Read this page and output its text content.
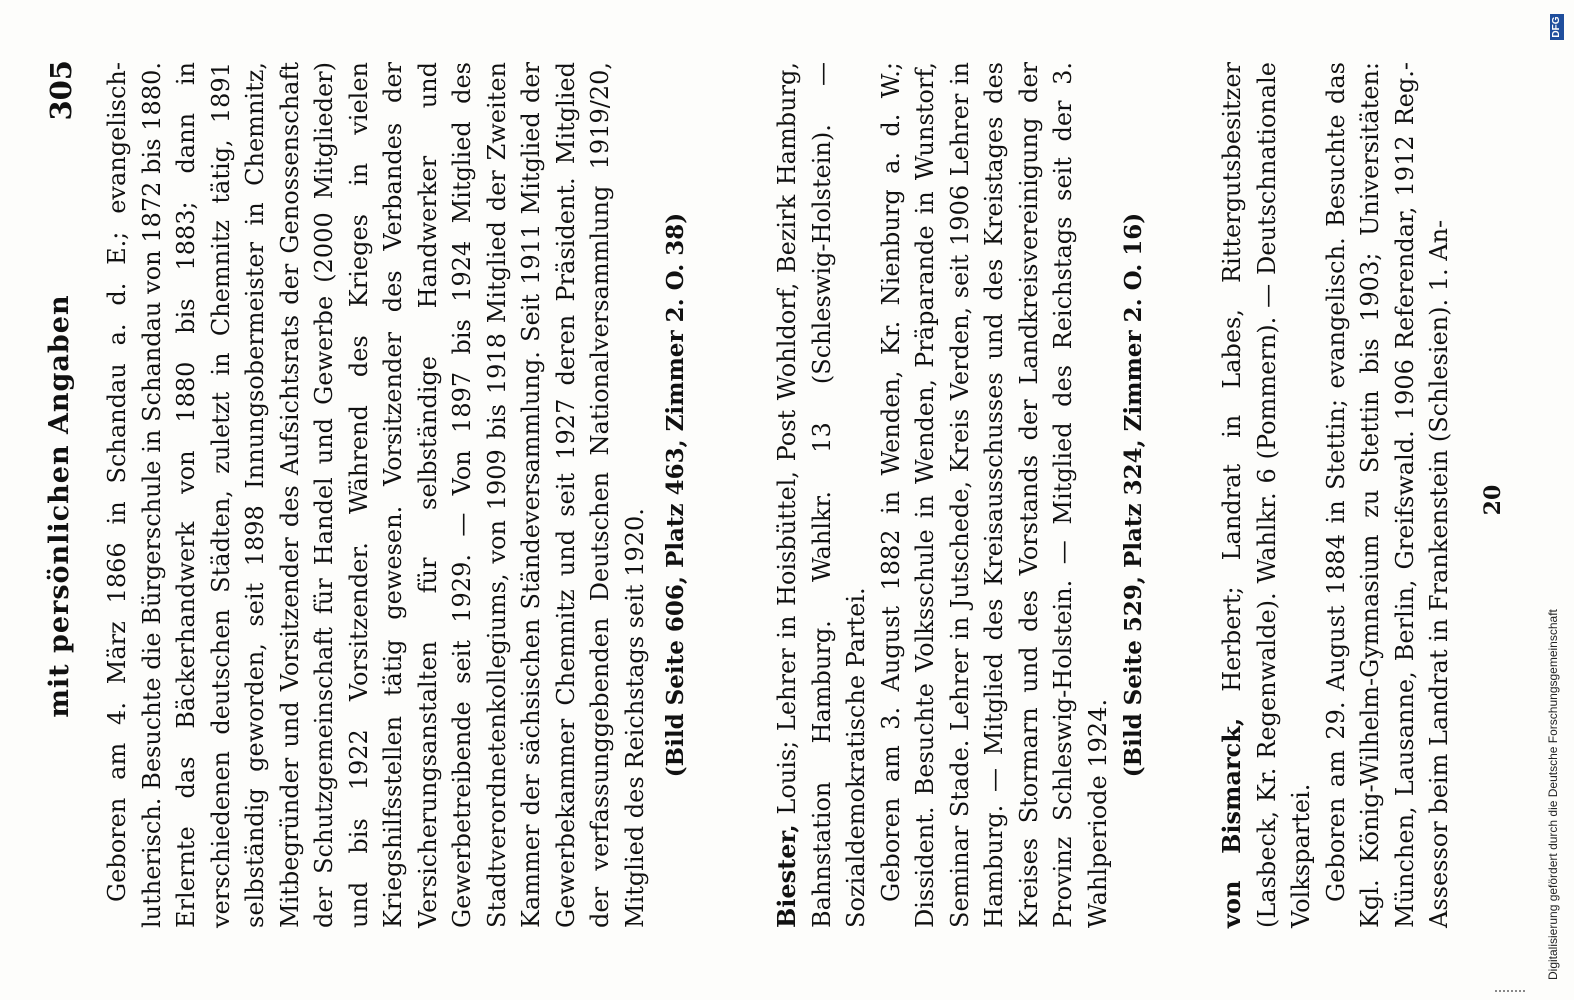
mit persönlichen Angaben
305 Geboren am 4. März 1866 in Schandau a. d. E.; evangelisch-lutherisch. Besuchte die Bürgerschule in Schandau von 1872 bis 1880. Erlernte das Bäckerhandwerk von 1880 bis 1883; dann in verschiedenen deutschen Städten, zuletzt in Chemnitz tätig, 1891 selbständig geworden, seit 1898 Innungsobermeister in Chemnitz, Mitbegründer und Vorsitzender des Aufsichtsrats der Genossenschaft der Schutzgemeinschaft für Handel und Gewerbe (2000 Mitglieder) und bis 1922 Vorsitzender. Während des Krieges in vielen Kriegshilfsstellen tätig gewesen. Vorsitzender des Verbandes der Versicherungsanstalten für selbständige Handwerker und Gewerbetreibende seit 1929. — Von 1897 bis 1924 Mitglied des Stadtverordnetenkollegiums, von 1909 bis 1918 Mitglied der Zweiten Kammer der sächsischen Ständeversammlung. Seit 1911 Mitglied der Gewerbekammer Chemnitz und seit 1927 deren Präsident. Mitglied der verfassunggebenden Deutschen Nationalversammlung 1919/20, Mitglied des Reichstags seit 1920. (Bild Seite 606, Platz 463, Zimmer 2. O. 38)

Biester, Louis; Lehrer in Hoisbüttel, Post Wohldorf, Bezirk Hamburg, Bahnstation Hamburg. Wahlkr. 13 (Schleswig-Holstein). — Sozialdemokratische Partei. Geboren am 3. August 1882 in Wenden, Kr. Nienburg a. d. W.; Dissident. Besuchte Volksschule in Wenden, Präparande in Wunstorf, Seminar Stade. Lehrer in Jutschede, Kreis Verden, seit 1906 Lehrer in Hamburg. — Mitglied des Kreisausschusses und des Kreistages des Kreises Stormarn und des Vorstands der Landkreisvereinigung der Provinz Schleswig-Holstein. — Mitglied des Reichstags seit der 3. Wahlperiode 1924.

(Bild Seite 529, Platz 324, Zimmer 2. O. 16)

von Bismarck, Herbert; Landrat in Labes, Rittergutsbesitzer (Lasbeck, Kr. Regenwalde). Wahlkr. 6 (Pommern). — Deutschnationale Volkspartei. Geboren am 29. August 1884 in Stettin; evangelisch. Besuchte das Kgl. König-Wilhelm-Gymnasium zu Stettin bis 1903; Universitäten: München, Lausanne, Berlin, Greifswald. 1906 Referendar, 1912 Reg.-Assessor beim Landrat in Frankenstein (Schlesien). 1. An- 20
Digitalisierung gefördert durch die Deutsche Forschungsgemeinschaft
DFG
